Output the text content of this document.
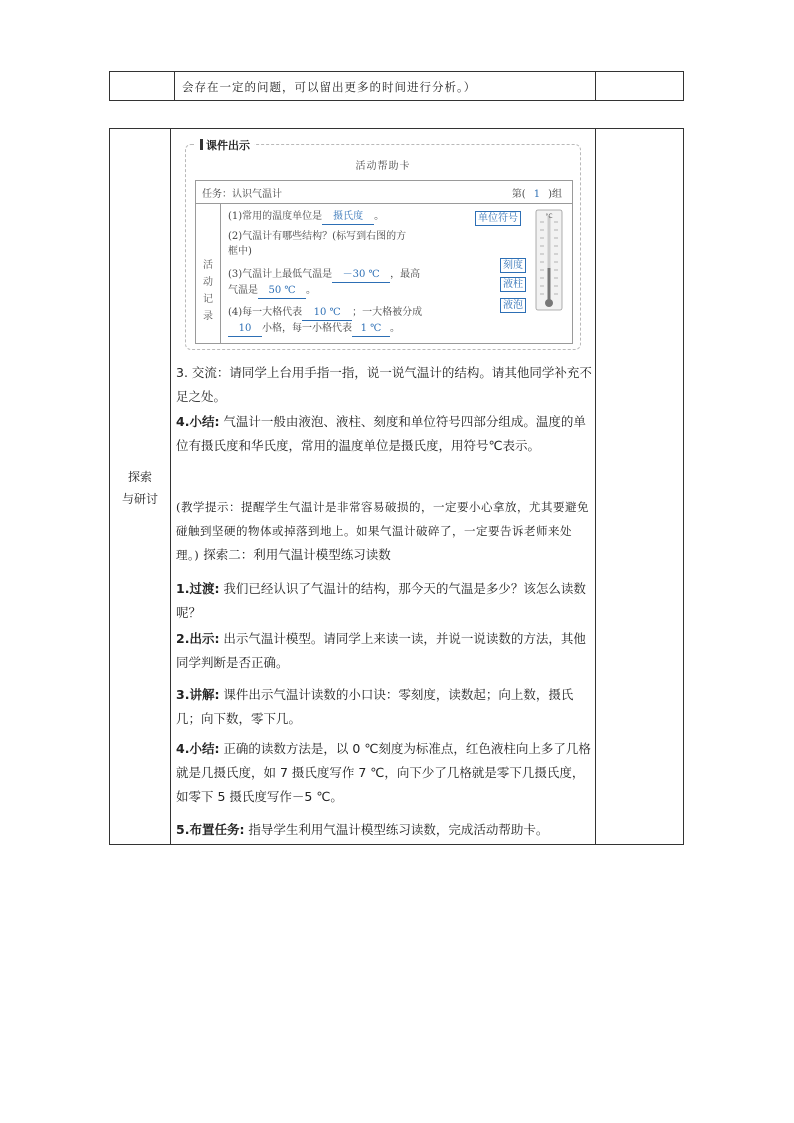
会存在一定的问题，可以留出更多的时间进行分析。）
探索
与研讨
课件出示
活动帮助卡
任务：认识气温计	第( 1 )组
活
动
记
录
(1)常用的温度单位是 摄氏度 。
(2)气温计有哪些结构？(标写到右图的方
框中)
(3)气温计上最低气温是 －30 ℃ ，最高
气温是 50 ℃ 。
(4)每一大格代表 10 ℃ ；一大格被分成
10 小格，每一小格代表 1 ℃ 。
°C
单位符号
刻度
液柱
液泡

3. 交流：请同学上台用手指一指，说一说气温计的结构。请其他同学补充不足之处。

4.小结: 气温计一般由液泡、液柱、刻度和单位符号四部分组成。温度的单位有摄氏度和华氏度，常用的温度单位是摄氏度，用符号℃表示。

(教学提示：提醒学生气温计是非常容易破损的，一定要小心拿放，尤其要避免碰触到坚硬的物体或掉落到地上。如果气温计破碎了，一定要告诉老师来处理。) 探索二：利用气温计模型练习读数

1.过渡: 我们已经认识了气温计的结构，那今天的气温是多少？该怎么读数呢？

2.出示: 出示气温计模型。请同学上来读一读，并说一说读数的方法，其他同学判断是否正确。

3.讲解: 课件出示气温计读数的小口诀：零刻度，读数起；向上数，摄氏几；向下数，零下几。

4.小结: 正确的读数方法是，以 0 ℃刻度为标准点，红色液柱向上多了几格就是几摄氏度，如 7 摄氏度写作 7 ℃，向下少了几格就是零下几摄氏度，如零下 5 摄氏度写作－5 ℃。

5.布置任务: 指导学生利用气温计模型练习读数，完成活动帮助卡。
